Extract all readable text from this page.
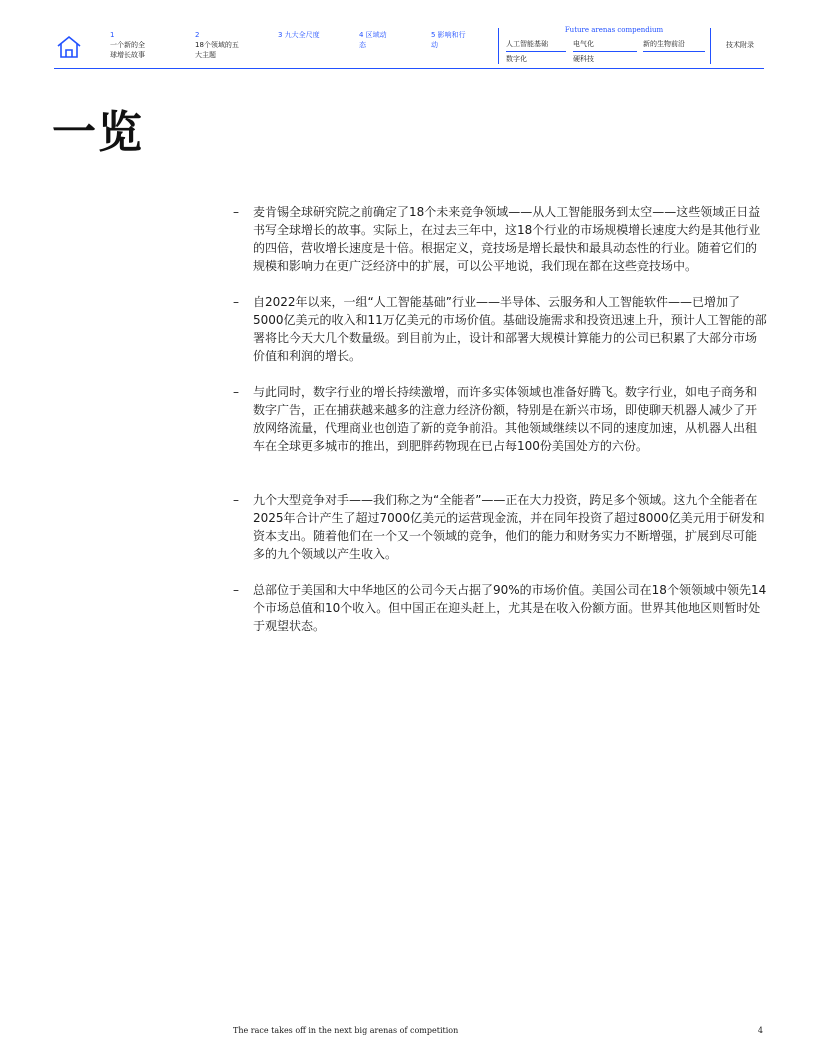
1
一个新的全球增长故事
2
18个领域的五大主题
3 九大全尺度	4 区域动态
5 影响和行动
Future arenas compendium
人工智能基础	电气化	新的生物前沿
数字化	硬科技
技术附录
一览
– 麦肯锡全球研究院之前确定了18个未来竞争领域——从人工智能服务到太空——这些领域正日益书写全球增长的故事。实际上，在过去三年中，这18个行业的市场规模增长速度大约是其他行业的四倍，营收增长速度是十倍。根据定义，竞技场是增长最快和最具动态性的行业。随着它们的规模和影响力在更广泛经济中的扩展，可以公平地说，我们现在都在这些竞技场中。

– 自2022年以来，一组“人工智能基础”行业——半导体、云服务和人工智能软件——已增加了5000亿美元的收入和11万亿美元的市场价值。基础设施需求和投资迅速上升，预计人工智能的部署将比今天大几个数量级。到目前为止，设计和部署大规模计算能力的公司已积累了大部分市场价值和利润的增长。

– 与此同时，数字行业的增长持续激增，而许多实体领域也准备好腾飞。数字行业，如电子商务和数字广告，正在捕获越来越多的注意力经济份额，特别是在新兴市场，即使聊天机器人减少了开放网络流量，代理商业也创造了新的竞争前沿。其他领域继续以不同的速度加速，从机器人出租车在全球更多城市的推出，到肥胖药物现在已占每100份美国处方的六份。

– 九个大型竞争对手——我们称之为“全能者”——正在大力投资，跨足多个领域。这九个全能者在2025年合计产生了超过7000亿美元的运营现金流，并在同年投资了超过8000亿美元用于研发和资本支出。随着他们在一个又一个领域的竞争，他们的能力和财务实力不断增强，扩展到尽可能多的九个领域以产生收入。

– 总部位于美国和大中华地区的公司今天占据了90%的市场价值。美国公司在18个领领域中领先14个市场总值和10个收入。但中国正在迎头赶上，尤其是在收入份额方面。世界其他地区则暂时处于观望状态。

The race takes off in the next big arenas of competition	4
